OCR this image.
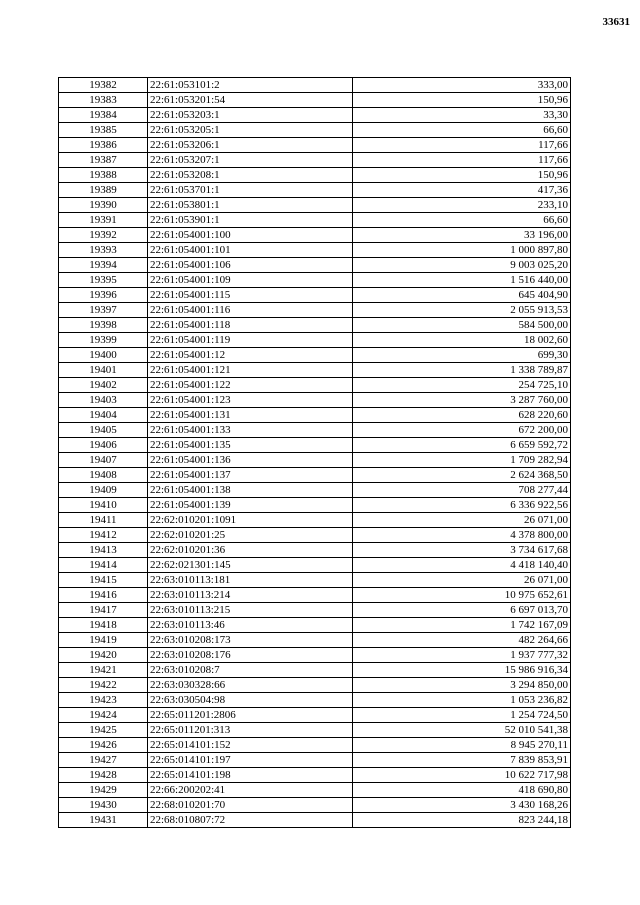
33631
19382	22:61:053101:2	333,00
19383	22:61:053201:54	150,96
19384	22:61:053203:1	33,30
19385	22:61:053205:1	66,60
19386	22:61:053206:1	117,66
19387	22:61:053207:1	117,66
19388	22:61:053208:1	150,96
19389	22:61:053701:1	417,36
19390	22:61:053801:1	233,10
19391	22:61:053901:1	66,60
19392	22:61:054001:100	33 196,00
19393	22:61:054001:101	1 000 897,80
19394	22:61:054001:106	9 003 025,20
19395	22:61:054001:109	1 516 440,00
19396	22:61:054001:115	645 404,90
19397	22:61:054001:116	2 055 913,53
19398	22:61:054001:118	584 500,00
19399	22:61:054001:119	18 002,60
19400	22:61:054001:12	699,30
19401	22:61:054001:121	1 338 789,87
19402	22:61:054001:122	254 725,10
19403	22:61:054001:123	3 287 760,00
19404	22:61:054001:131	628 220,60
19405	22:61:054001:133	672 200,00
19406	22:61:054001:135	6 659 592,72
19407	22:61:054001:136	1 709 282,94
19408	22:61:054001:137	2 624 368,50
19409	22:61:054001:138	708 277,44
19410	22:61:054001:139	6 336 922,56
19411	22:62:010201:1091	26 071,00
19412	22:62:010201:25	4 378 800,00
19413	22:62:010201:36	3 734 617,68
19414	22:62:021301:145	4 418 140,40
19415	22:63:010113:181	26 071,00
19416	22:63:010113:214	10 975 652,61
19417	22:63:010113:215	6 697 013,70
19418	22:63:010113:46	1 742 167,09
19419	22:63:010208:173	482 264,66
19420	22:63:010208:176	1 937 777,32
19421	22:63:010208:7	15 986 916,34
19422	22:63:030328:66	3 294 850,00
19423	22:63:030504:98	1 053 236,82
19424	22:65:011201:2806	1 254 724,50
19425	22:65:011201:313	52 010 541,38
19426	22:65:014101:152	8 945 270,11
19427	22:65:014101:197	7 839 853,91
19428	22:65:014101:198	10 622 717,98
19429	22:66:200202:41	418 690,80
19430	22:68:010201:70	3 430 168,26
19431	22:68:010807:72	823 244,18
